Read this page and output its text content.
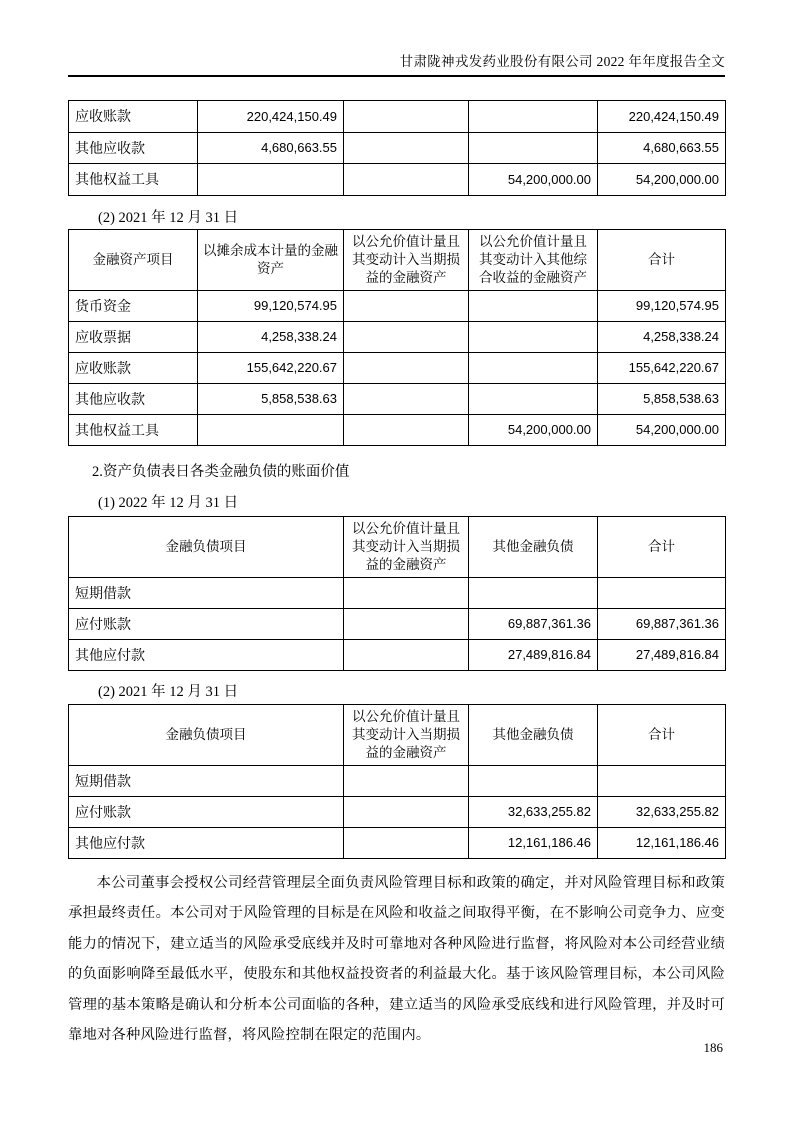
甘肃陇神戎发药业股份有限公司 2022 年年度报告全文
应收账款	220,424,150.49			220,424,150.49
其他应收款	4,680,663.55			4,680,663.55
其他权益工具			54,200,000.00	54,200,000.00
(2) 2021 年 12 月 31 日
金融资产项目	以摊余成本计量的金融资产	以公允价值计量且其变动计入当期损益的金融资产	以公允价值计量且其变动计入其他综合收益的金融资产	合计
货币资金	99,120,574.95			99,120,574.95
应收票据	4,258,338.24			4,258,338.24
应收账款	155,642,220.67			155,642,220.67
其他应收款	5,858,538.63			5,858,538.63
其他权益工具			54,200,000.00	54,200,000.00
2.资产负债表日各类金融负债的账面价值
(1) 2022 年 12 月 31 日
金融负债项目	以公允价值计量且其变动计入当期损益的金融资产	其他金融负债	合计
短期借款			
应付账款		69,887,361.36	69,887,361.36
其他应付款		27,489,816.84	27,489,816.84
(2) 2021 年 12 月 31 日
金融负债项目	以公允价值计量且其变动计入当期损益的金融资产	其他金融负债	合计
短期借款			
应付账款		32,633,255.82	32,633,255.82
其他应付款		12,161,186.46	12,161,186.46

本公司董事会授权公司经营管理层全面负责风险管理目标和政策的确定，并对风险管理目标和政策承担最终责任。本公司对于风险管理的目标是在风险和收益之间取得平衡，在不影响公司竞争力、应变能力的情况下，建立适当的风险承受底线并及时可靠地对各种风险进行监督，将风险对本公司经营业绩的负面影响降至最低水平，使股东和其他权益投资者的利益最大化。基于该风险管理目标，本公司风险管理的基本策略是确认和分析本公司面临的各种，建立适当的风险承受底线和进行风险管理，并及时可靠地对各种风险进行监督，将风险控制在限定的范围内。

186
